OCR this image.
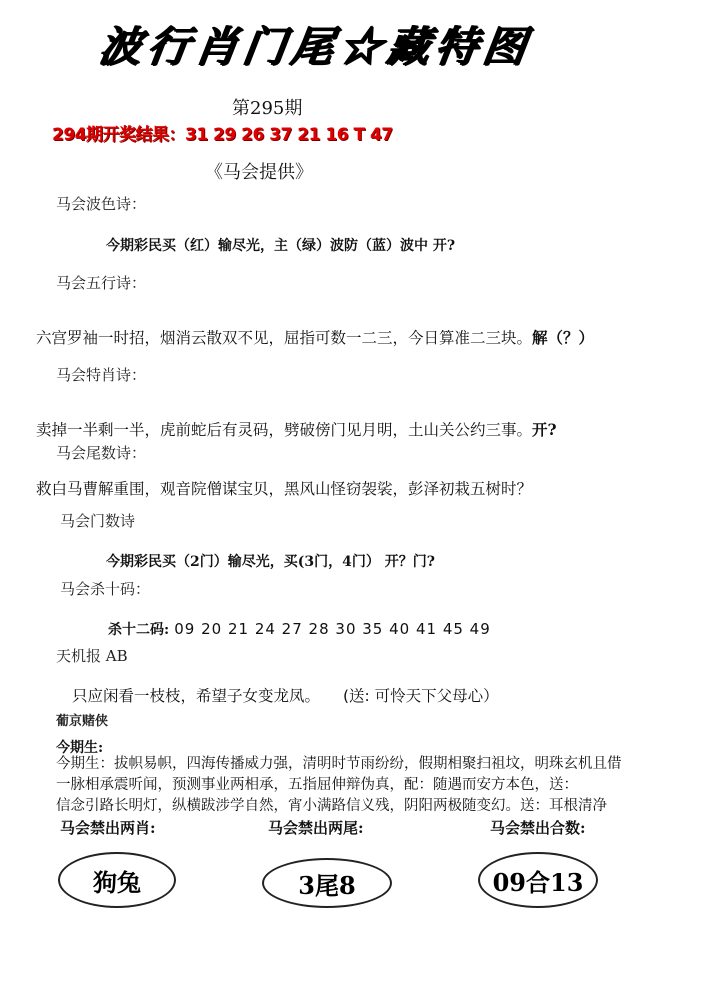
波行肖门尾☆藏特图
第295期
294期开奖结果：31 29 26 37 21 16 T 47
《马会提供》
马会波色诗：
今期彩民买（红）输尽光，主（绿）波防（蓝）波中 开?
马会五行诗：
六宫罗袖一时招，烟消云散双不见，屈指可数一二三，今日算准二三块。解（？）
马会特肖诗：
卖掉一半剩一半，虎前蛇后有灵码，劈破傍门见月明，土山关公约三事。开?
马会尾数诗：
救白马曹解重围，观音院僧谋宝贝，黑风山怪窃袈裟，彭泽初栽五树时？
马会门数诗
今期彩民买（2门）输尽光，买(3门，4门） 开？门?
马会杀十码：
杀十二码: 09 20 21 24 27 28 30 35 40 41 45 49
天机报 AB
只应闲看一枝枝，希望子女变龙凤。 (送: 可怜天下父母心）
葡京赌侠
今期生:
今期生：拔帜易帜，四海传播威力强，清明时节雨纷纷，假期相聚扫祖坟，明珠玄机且借
一脉相承震听闻，预测事业两相承，五指屈伸辩伪真，配：随遇而安方本色，送：
信念引路长明灯，纵横跋涉学自然，宵小满路信义残，阴阳两极随变幻。送：耳根清净
马会禁出两肖:	马会禁出两尾:	马会禁出合数:
狗兔	3尾8	09合13
